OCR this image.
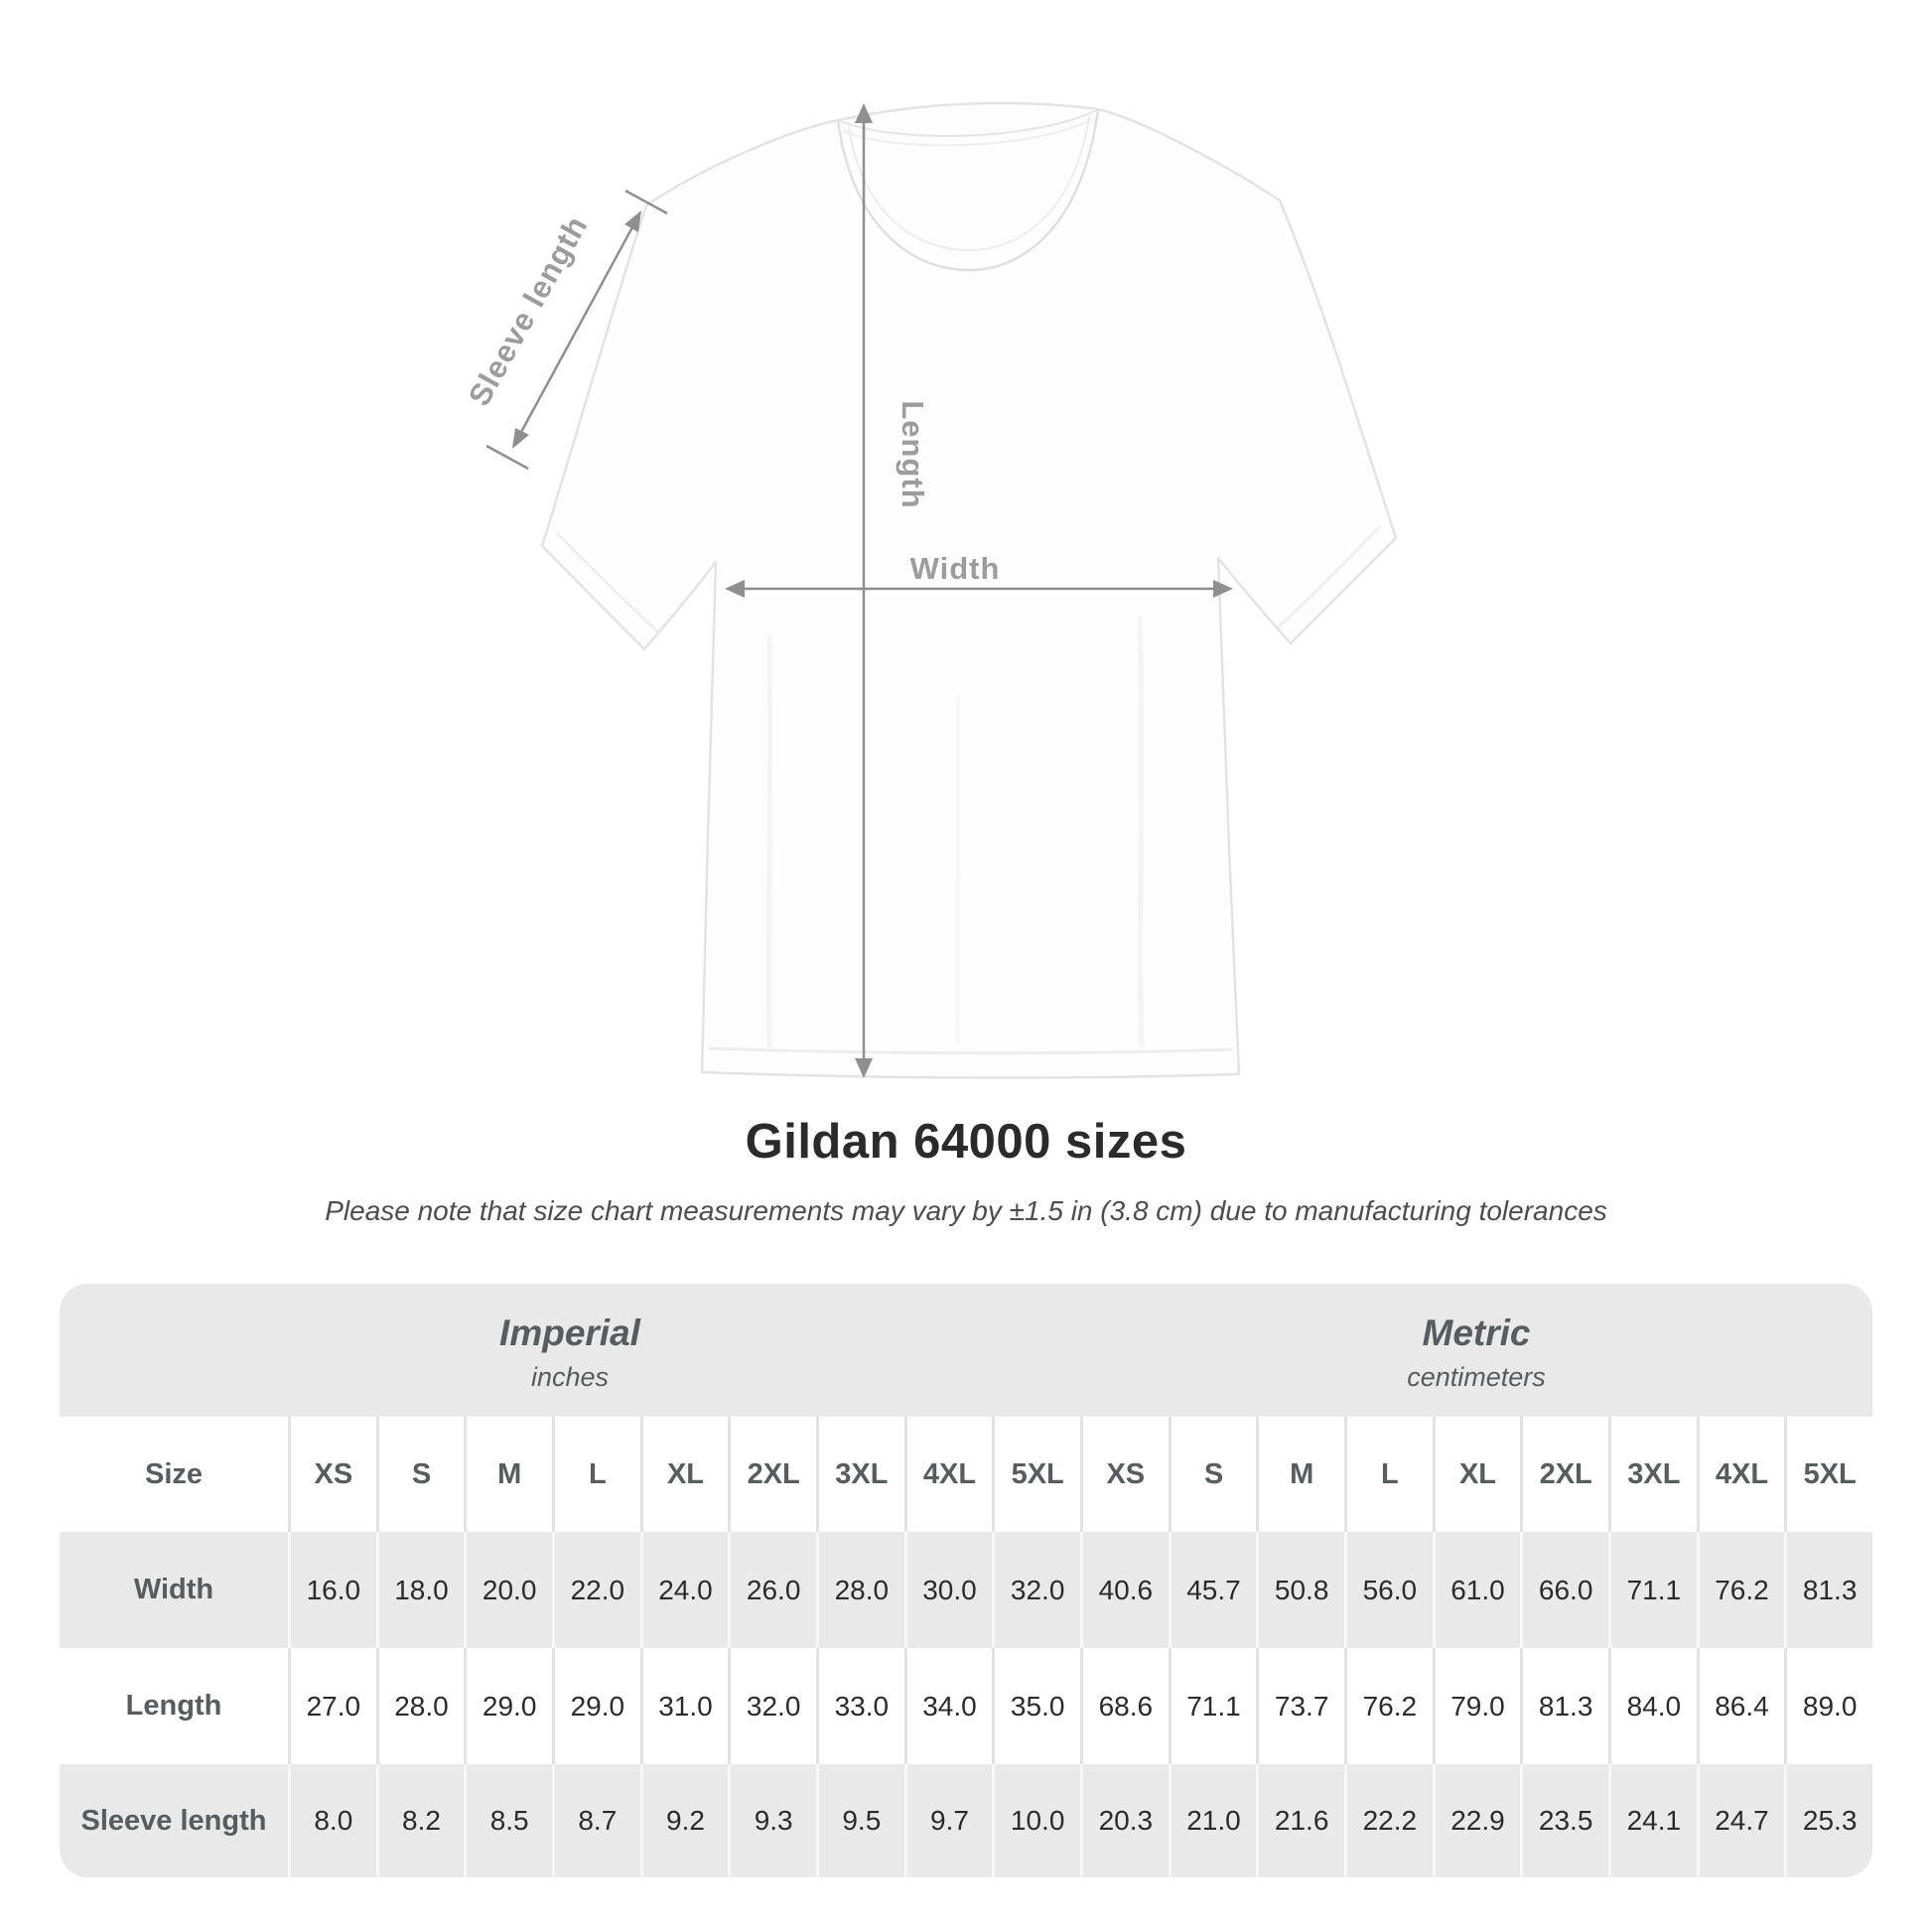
Sleeve length
Length
Width
Gildan 64000 sizes
Please note that size chart measurements may vary by ±1.5 in (3.8 cm) due to manufacturing tolerances
Imperial
inches
Metric
centimeters
Size	XS	S	M	L	XL	2XL	3XL	4XL	5XL	XS	S	M	L	XL	2XL	3XL	4XL	5XL
Width	16.0	18.0	20.0	22.0	24.0	26.0	28.0	30.0	32.0	40.6	45.7	50.8	56.0	61.0	66.0	71.1	76.2	81.3
Length	27.0	28.0	29.0	29.0	31.0	32.0	33.0	34.0	35.0	68.6	71.1	73.7	76.2	79.0	81.3	84.0	86.4	89.0
Sleeve length	8.0	8.2	8.5	8.7	9.2	9.3	9.5	9.7	10.0	20.3	21.0	21.6	22.2	22.9	23.5	24.1	24.7	25.3
